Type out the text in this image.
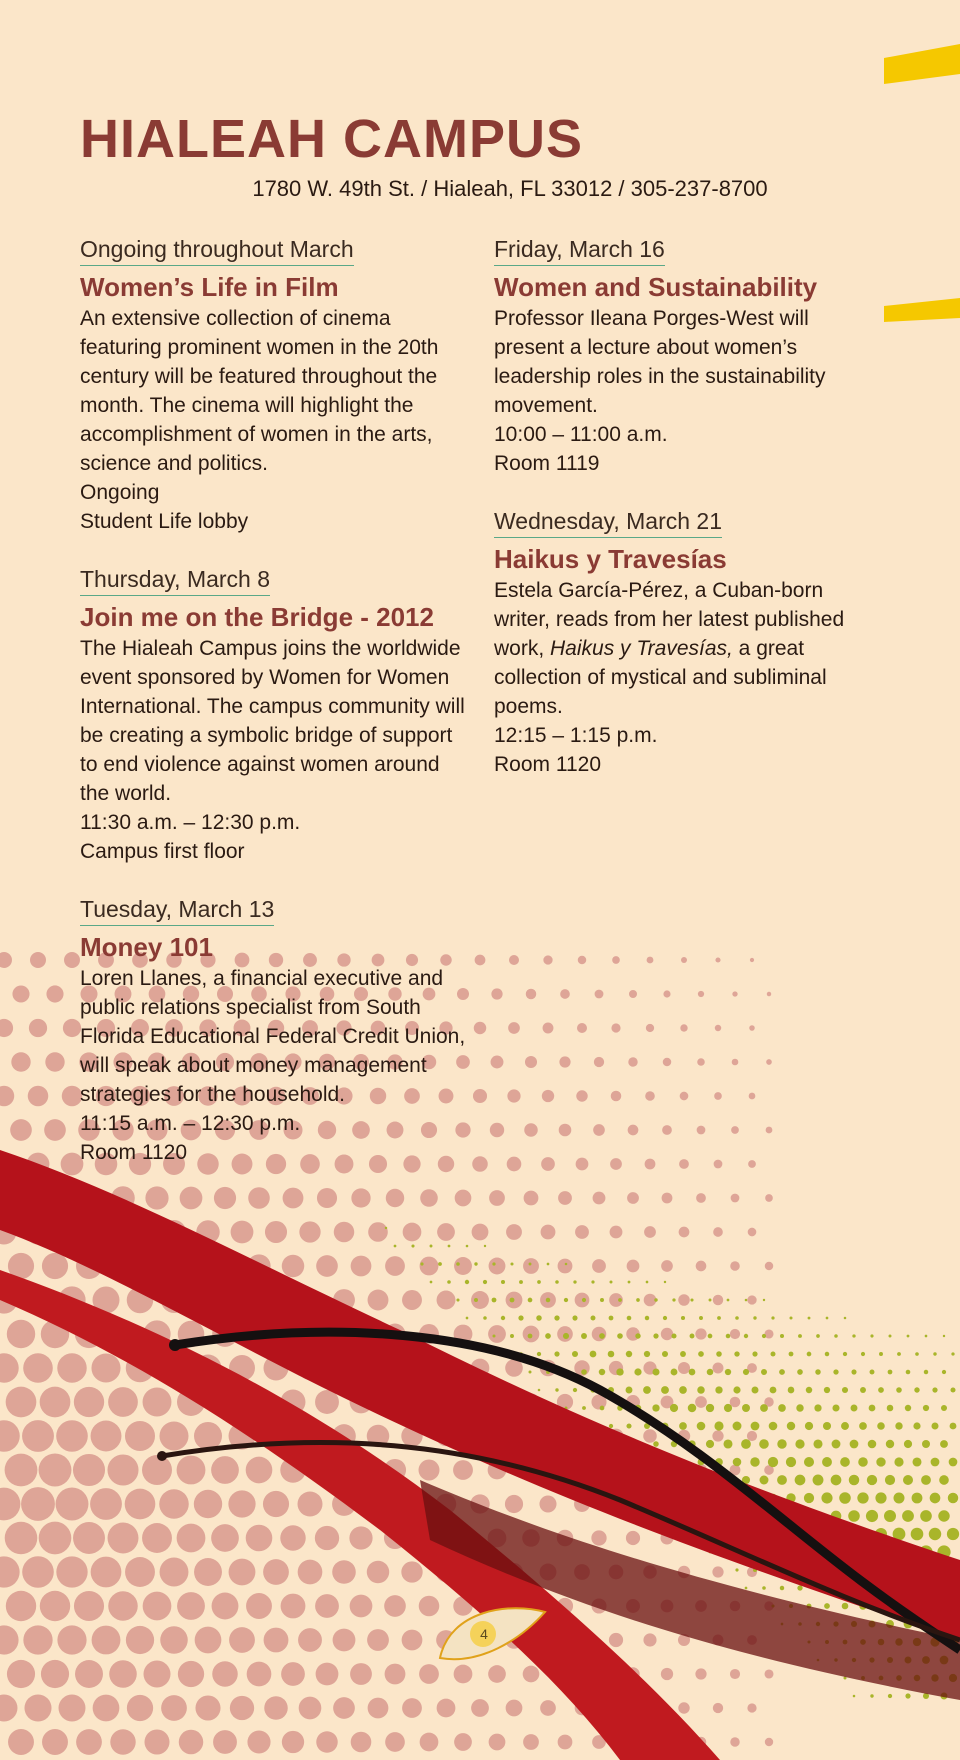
HIALEAH CAMPUS
1780 W. 49th St. / Hialeah, FL 33012 / 305-237-8700
Ongoing throughout March
Women’s Life in Film
An extensive collection of cinema featuring prominent women in the 20th century will be featured throughout the month. The cinema will highlight the accomplishment of women in the arts, science and politics.
Ongoing
Student Life lobby
Thursday, March 8
Join me on the Bridge - 2012
The Hialeah Campus joins the worldwide event sponsored by Women for Women International. The campus community will be creating a symbolic bridge of support to end violence against women around the world.
11:30 a.m. – 12:30 p.m.
Campus first floor
Tuesday, March 13
Money 101
Loren Llanes, a financial executive and public relations specialist from South Florida Educational Federal Credit Union, will speak about money management strategies for the household.
11:15 a.m. – 12:30 p.m.
Room 1120
Friday, March 16
Women and Sustainability
Professor Ileana Porges-West will present a lecture about women’s leadership roles in the sustainability movement.
10:00 – 11:00 a.m.
Room 1119
Wednesday, March 21
Haikus y Travesías
Estela García-Pérez, a Cuban-born writer, reads from her latest published work, Haikus y Travesías, a great collection of mystical and subliminal poems.
12:15 – 1:15 p.m.
Room 1120
4
